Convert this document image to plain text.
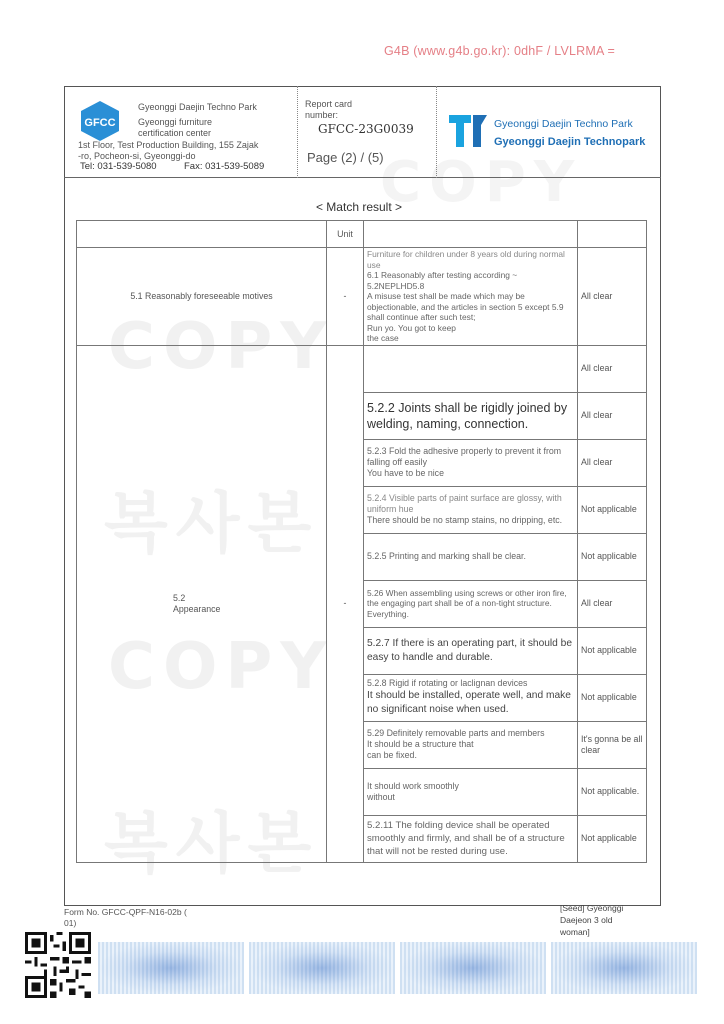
COPY
COPY
복사본
COPY
복사본
G4B (www.g4b.go.kr): 0dhF / LVLRMA =
GFCC
Gyeonggi Daejin Techno Park
Gyeonggi furniture
certification center
1st Floor, Test Production Building, 155 Zajak
-ro, Pocheon-si, Gyeonggi-do
Tel: 031-539-5080	Fax: 031-539-5089
Report card
number:
GFCC-23G0039
Page (2) / (5)
Gyeonggi Daejin Techno Park
Gyeonggi Daejin Technopark
< Match result >
	Unit		
5.1 Reasonably foreseeable motives	-	Furniture for children under 8 years old during normal use
6.1 Reasonably after testing according ~ 5.2NEPLHD5.8
A misuse test shall be made which may be objectionable, and the articles in section 5 except 5.9 shall continue after such test;
Run yo. You got to keep
the case	All clear

5.2
Appearance	-		All clear
		5.2.2 Joints shall be rigidly joined by welding, naming, connection.	All clear

		5.2.3 Fold the adhesive properly to prevent it from falling off easily
You have to be nice	All clear

		5.2.4 Visible parts of paint surface are glossy, with uniform hue
There should be no stamp stains, no dripping, etc.	Not applicable
		5.2.5 Printing and marking shall be clear.	Not applicable

		5.26 When assembling using screws or other iron fire, the engaging part shall be of a non-tight structure.
Everything.	All clear
		5.2.7 If there is an operating part, it should be easy to handle and durable.	Not applicable

		5.2.8 Rigid if rotating or laclignan devices
It should be installed, operate well, and make no significant noise when used.	Not applicable

		5.29 Definitely removable parts and members
It should be a structure that
can be fixed.	It's gonna be all clear

		It should work smoothly
without	Not applicable.
		5.2.11 The folding device shall be operated smoothly and firmly, and shall be of a structure that will not be rested during use.	Not applicable
Form No. GFCC-QPF-N16-02b (
01)
[Seed] Gyeonggi
Daejeon 3 old
woman]
